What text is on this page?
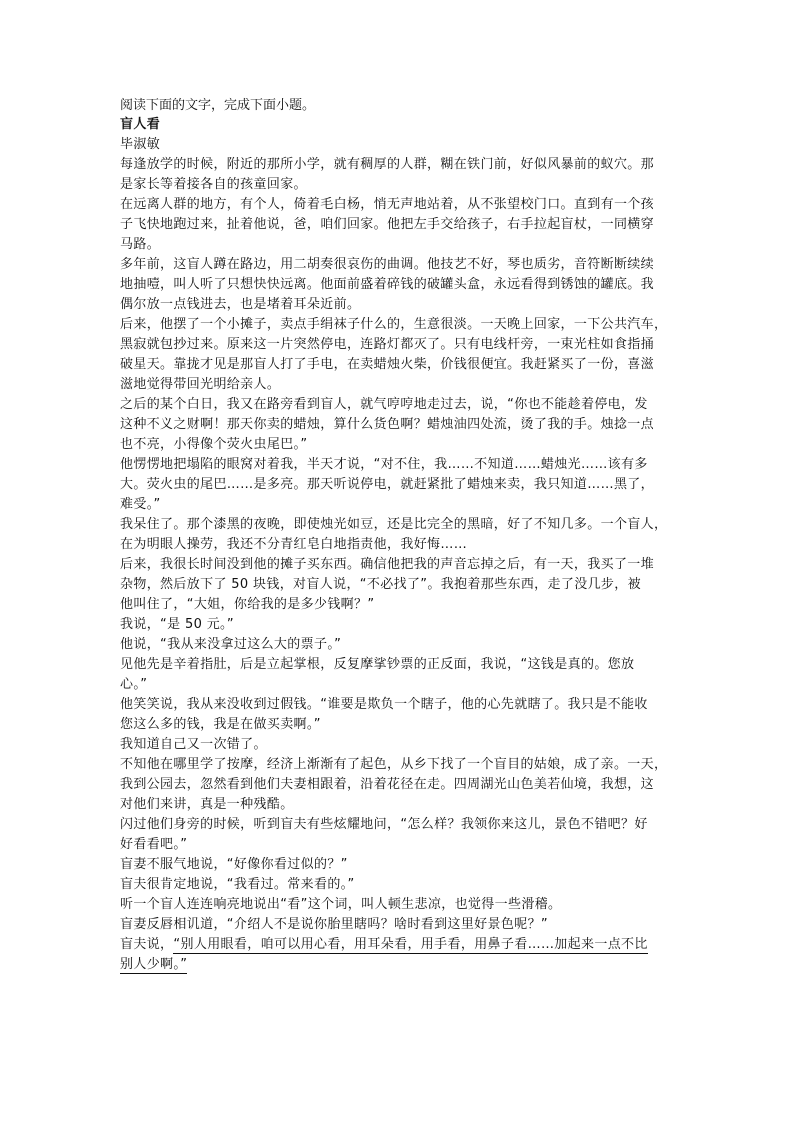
阅读下面的文字，完成下面小题。
盲人看
毕淑敏
每逢放学的时候，附近的那所小学，就有稠厚的人群，糊在铁门前，好似风暴前的蚁穴。那
是家长等着接各自的孩童回家。
在远离人群的地方，有个人，倚着毛白杨，悄无声地站着，从不张望校门口。直到有一个孩
子飞快地跑过来，扯着他说，爸，咱们回家。他把左手交给孩子，右手拉起盲杖，一同横穿
马路。
多年前，这盲人蹲在路边，用二胡奏很哀伤的曲调。他技艺不好，琴也质劣，音符断断续续
地抽噎，叫人听了只想快快远离。他面前盛着碎钱的破罐头盒，永远看得到锈蚀的罐底。我
偶尔放一点钱进去，也是堵着耳朵近前。
后来，他摆了一个小摊子，卖点手绢袜子什么的，生意很淡。一天晚上回家，一下公共汽车，
黑寂就包抄过来。原来这一片突然停电，连路灯都灭了。只有电线杆旁，一束光柱如食指捅
破星天。靠拢才见是那盲人打了手电，在卖蜡烛火柴，价钱很便宜。我赶紧买了一份，喜滋
滋地觉得带回光明给亲人。
之后的某个白日，我又在路旁看到盲人，就气哼哼地走过去，说，“你也不能趁着停电，发
这种不义之财啊！那天你卖的蜡烛，算什么货色啊？蜡烛油四处流，烫了我的手。烛捻一点
也不亮，小得像个荧火虫尾巴。”
他愣愣地把塌陷的眼窝对着我，半天才说，“对不住，我……不知道……蜡烛光……该有多
大。荧火虫的尾巴……是多亮。那天听说停电，就赶紧批了蜡烛来卖，我只知道……黑了，
难受。”
我呆住了。那个漆黑的夜晚，即使烛光如豆，还是比完全的黑暗，好了不知几多。一个盲人，
在为明眼人操劳，我还不分青红皂白地指责他，我好悔……
后来，我很长时间没到他的摊子买东西。确信他把我的声音忘掉之后，有一天，我买了一堆
杂物，然后放下了 50 块钱，对盲人说，“不必找了”。我抱着那些东西，走了没几步，被
他叫住了，“大姐，你给我的是多少钱啊？”
我说，“是 50 元。”
他说，“我从来没拿过这么大的票子。”
见他先是辛着指肚，后是立起掌根，反复摩挲钞票的正反面，我说，“这钱是真的。您放
心。”
他笑笑说，我从来没收到过假钱。“谁要是欺负一个瞎子，他的心先就瞎了。我只是不能收
您这么多的钱，我是在做买卖啊。”
我知道自己又一次错了。
不知他在哪里学了按摩，经济上渐渐有了起色，从乡下找了一个盲目的姑娘，成了亲。一天，
我到公园去，忽然看到他们夫妻相跟着，沿着花径在走。四周湖光山色美若仙境，我想，这
对他们来讲，真是一种残酷。
闪过他们身旁的时候，听到盲夫有些炫耀地问，“怎么样？我领你来这儿，景色不错吧？好
好看看吧。”
盲妻不服气地说，“好像你看过似的？”
盲夫很肯定地说，“我看过。常来看的。”
听一个盲人连连响亮地说出“看”这个词，叫人顿生悲凉，也觉得一些滑稽。
盲妻反唇相讥道，“介绍人不是说你胎里瞎吗？啥时看到这里好景色呢？”
盲夫说，“别人用眼看，咱可以用心看，用耳朵看，用手看，用鼻子看……加起来一点不比
别人少啊。”
